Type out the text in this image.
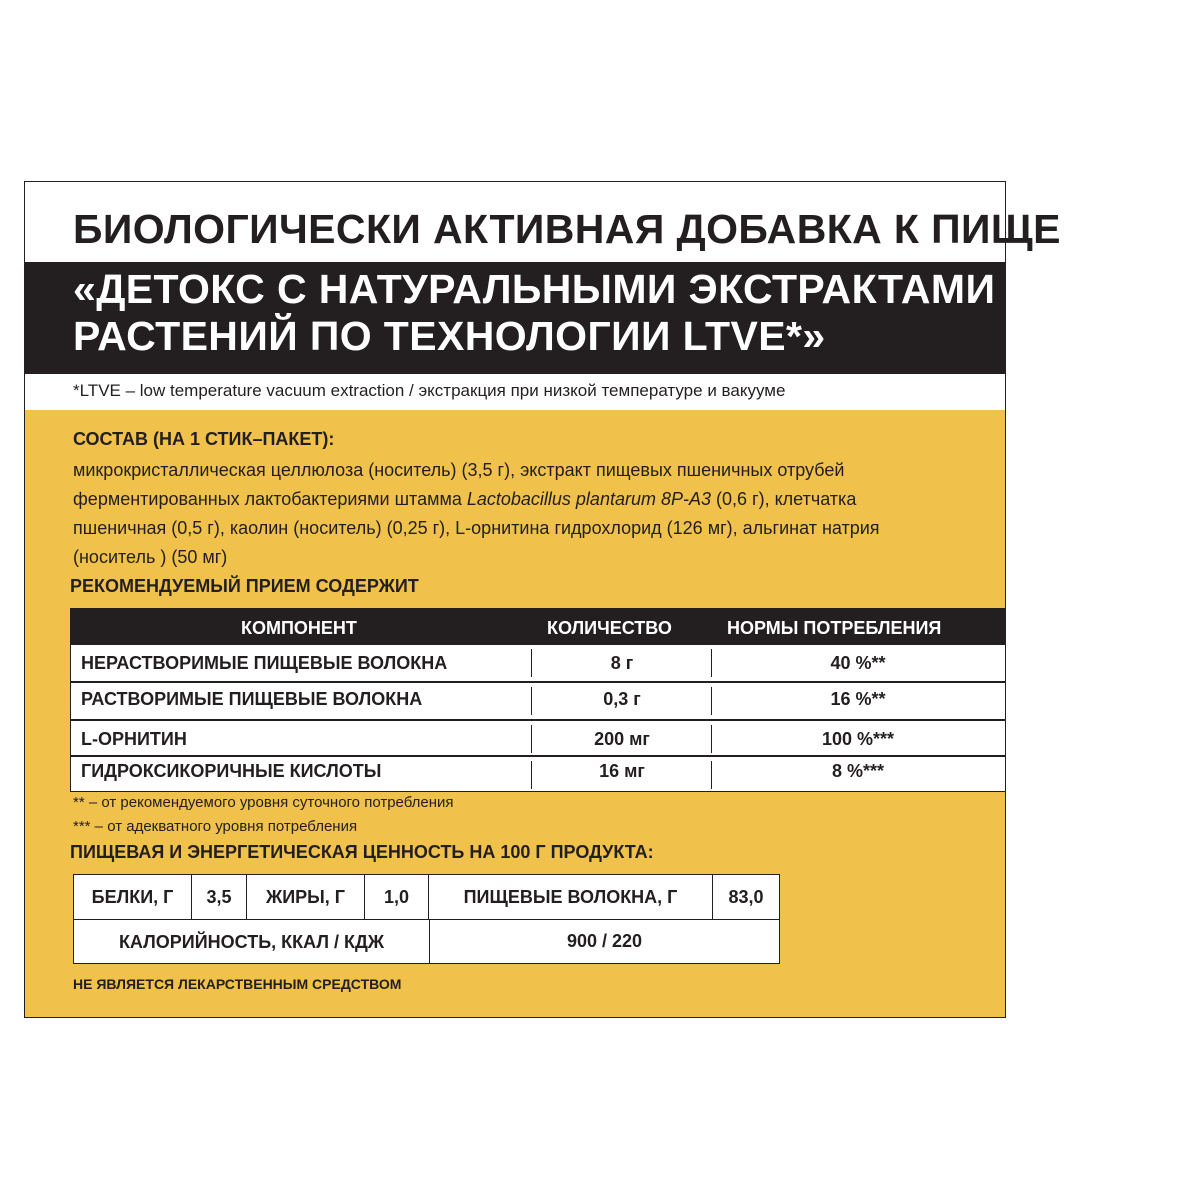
БИОЛОГИЧЕСКИ АКТИВНАЯ ДОБАВКА К ПИЩЕ
«ДЕТОКС С НАТУРАЛЬНЫМИ ЭКСТРАКТАМИ
РАСТЕНИЙ ПО ТЕХНОЛОГИИ LTVE*»
*LTVE – low temperature vacuum extraction / экстракция при низкой температуре и вакууме
СОСТАВ (НА 1 СТИК–ПАКЕТ):
микрокристаллическая целлюлоза (носитель) (3,5 г), экстракт пищевых пшеничных отрубей
ферментированных лактобактериями штамма Lactobacillus plantarum 8Р-А3 (0,6 г), клетчатка
пшеничная (0,5 г), каолин (носитель) (0,25 г), L-орнитина гидрохлорид (126 мг), альгинат натрия
(носитель ) (50 мг)
РЕКОМЕНДУЕМЫЙ ПРИЕМ СОДЕРЖИТ
КОМПОНЕНТ	КОЛИЧЕСТВО	НОРМЫ ПОТРЕБЛЕНИЯ
НЕРАСТВОРИМЫЕ ПИЩЕВЫЕ ВОЛОКНА	8 г	40 %**
РАСТВОРИМЫЕ ПИЩЕВЫЕ ВОЛОКНА	0,3 г	16 %**
L-ОРНИТИН	200 мг	100 %***
ГИДРОКСИКОРИЧНЫЕ КИСЛОТЫ	16 мг	8 %***
** – от рекомендуемого уровня суточного потребления
*** – от адекватного уровня потребления
ПИЩЕВАЯ И ЭНЕРГЕТИЧЕСКАЯ ЦЕННОСТЬ НА 100 Г ПРОДУКТА:
БЕЛКИ, Г	3,5	ЖИРЫ, Г	1,0	ПИЩЕВЫЕ ВОЛОКНА, Г	83,0
КАЛОРИЙНОСТЬ, ККАЛ / КДЖ	900 / 220
НЕ ЯВЛЯЕТСЯ ЛЕКАРСТВЕННЫМ СРЕДСТВОМ
